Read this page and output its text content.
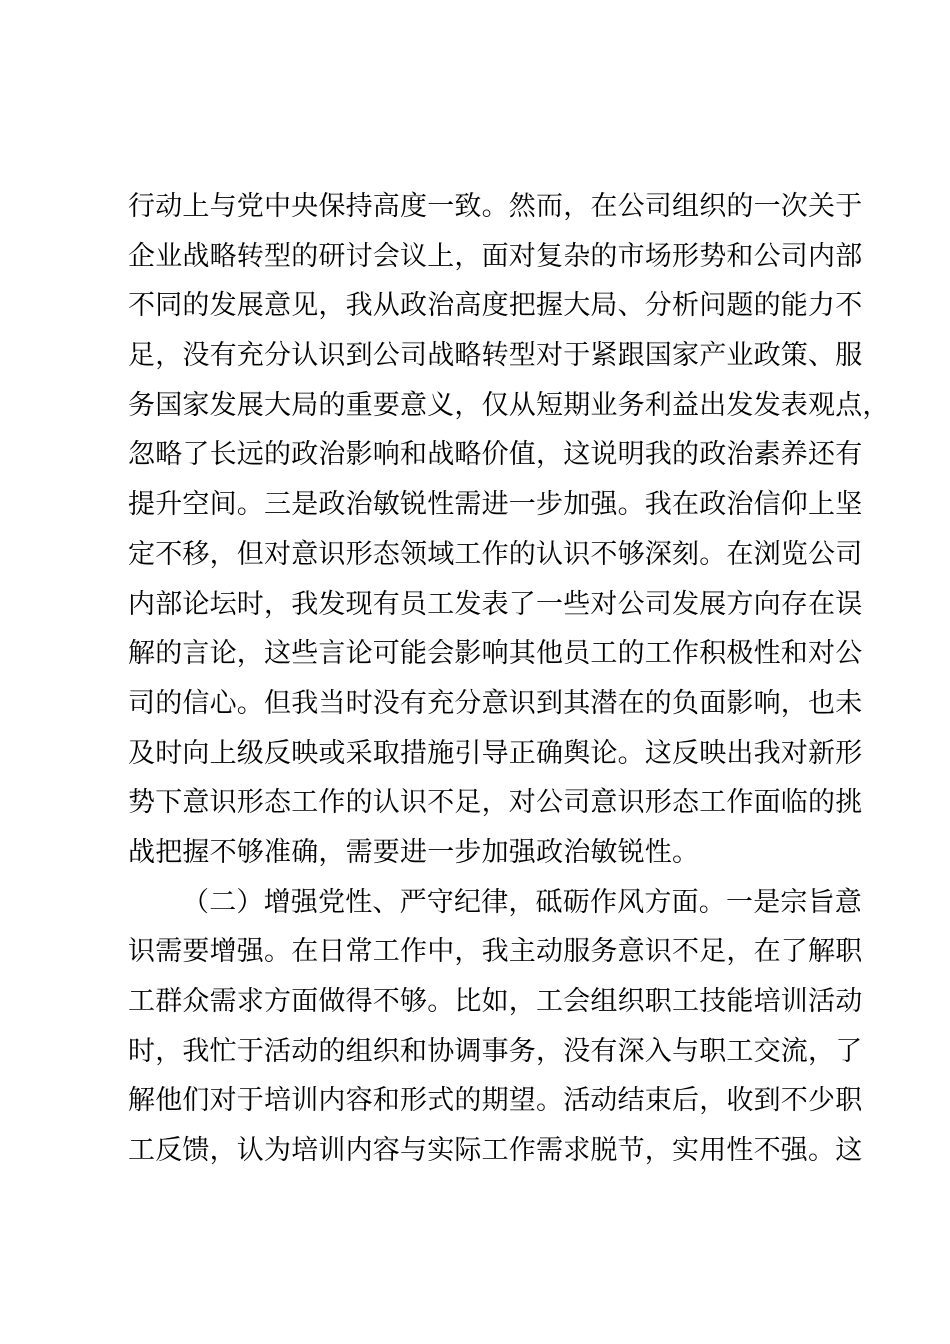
行动上与党中央保持高度一致。然而，在公司组织的一次关于
企业战略转型的研讨会议上，面对复杂的市场形势和公司内部
不同的发展意见，我从政治高度把握大局、分析问题的能力不
足，没有充分认识到公司战略转型对于紧跟国家产业政策、服
务国家发展大局的重要意义，仅从短期业务利益出发发表观点，
忽略了长远的政治影响和战略价值，这说明我的政治素养还有
提升空间。三是政治敏锐性需进一步加强。我在政治信仰上坚
定不移，但对意识形态领域工作的认识不够深刻。在浏览公司
内部论坛时，我发现有员工发表了一些对公司发展方向存在误
解的言论，这些言论可能会影响其他员工的工作积极性和对公
司的信心。但我当时没有充分意识到其潜在的负面影响，也未
及时向上级反映或采取措施引导正确舆论。这反映出我对新形
势下意识形态工作的认识不足，对公司意识形态工作面临的挑
战把握不够准确，需要进一步加强政治敏锐性。
（二）增强党性、严守纪律，砥砺作风方面。一是宗旨意
识需要增强。在日常工作中，我主动服务意识不足，在了解职
工群众需求方面做得不够。比如，工会组织职工技能培训活动
时，我忙于活动的组织和协调事务，没有深入与职工交流，了
解他们对于培训内容和形式的期望。活动结束后，收到不少职
工反馈，认为培训内容与实际工作需求脱节，实用性不强。这
